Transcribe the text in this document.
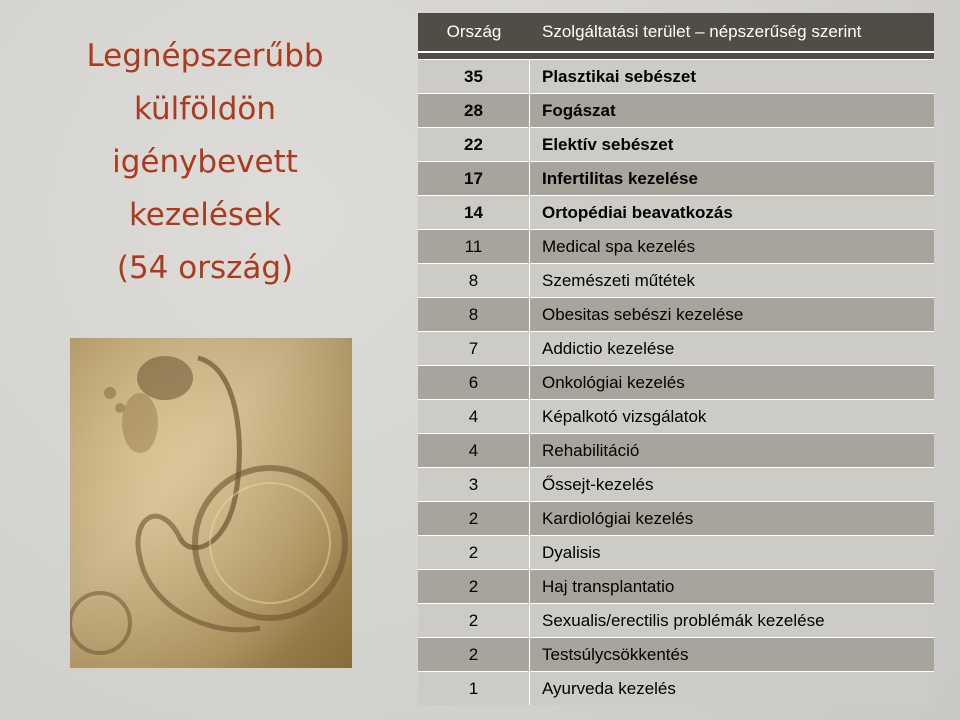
Legnépszerűbb
külföldön
igénybevett
kezelések
(54 ország)
Ország	Szolgáltatási terület – népszerűség szerint
35	Plasztikai sebészet
28	Fogászat
22	Elektív sebészet
17	Infertilitas kezelése
14	Ortopédiai beavatkozás
11	Medical spa kezelés
8	Szemészeti műtétek
8	Obesitas sebészi kezelése
7	Addictio kezelése
6	Onkológiai kezelés
4	Képalkotó vizsgálatok
4	Rehabilitáció
3	Őssejt-kezelés
2	Kardiológiai kezelés
2	Dyalisis
2	Haj transplantatio
2	Sexualis/erectilis problémák kezelése
2	Testsúlycsökkentés
1	Ayurveda kezelés
